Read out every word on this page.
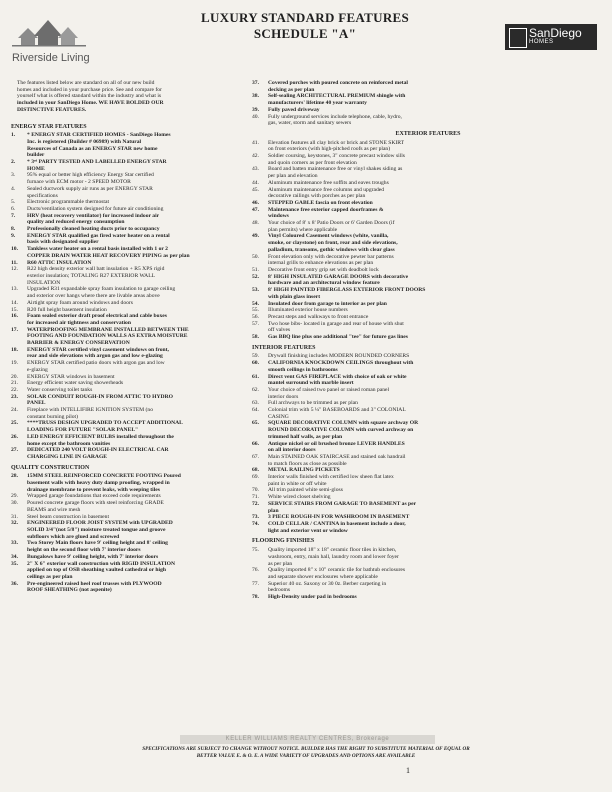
Riverside Living
LUXURY STANDARD FEATURES
SCHEDULE "A"	SanDiego
HOMES
The features listed below are standard on all of our new build
homes and included in your purchase price. See and compare for
yourself what is offered standard within the industry and what is
included in your SanDiego Home. WE HAVE BOLDED OUR
DISTINCTIVE FEATURES.
ENERGY STAR FEATURES
1. * ENERGY STAR CERTIFIED HOMES - SanDiego Homes
Inc. is registered (Builder # 06989) with Natural
Resources of Canada as an ENERGY STAR new home
builder
2. * 3ʳᵈ PARTY TESTED AND LABELLED ENERGY STAR
HOME
3. 95% equal or better high efficiency Energy Star certified
furnace with ECM motor - 2 SPEED MOTOR
4. Sealed ductwork supply air runs as per ENERGY STAR
specifications
5. Electronic programmable thermostat
6. Ducts/ventilation system designed for future air conditioning
7. HRV (heat recovery ventilator) for increased indoor air
quality and reduced energy consumption
8. Professionally cleaned heating ducts prior to occupancy
9. ENERGY STAR qualified gas fired water heater on a rental
basis with designated supplier
10. Tankless water heater on a rental basis installed with 1 or 2
COPPER DRAIN WATER HEAT RECOVERY PIPING as per plan
11. R60 ATTIC INSULATION
12. R22 high density exterior wall batt insulation + R5 XPS rigid
exterior insulation; TOTALING R27 EXTERIOR WALL
INSULATION
13. Upgraded R31 expandable spray foam insulation to garage ceiling
and exterior over hangs where there are livable areas above
14. Airtight spray foam around windows and doors
15. R20 full height basement insulation
16. Foam sealed exterior draft proof electrical and cable boxes
for increased air tightness and conservation
17. WATERPROOFING MEMBRANE INSTALLED BETWEEN THE
FOOTING AND FOUNDATION WALLS AS EXTRA MOISTURE
BARRIER & ENERGY CONSERVATION
18. ENERGY STAR certified vinyl casement windows on front,
rear and side elevations with argon gas and low e-glazing
19. ENERGY STAR certified patio doors with argon gas and low
e-glazing
20. ENERGY STAR windows in basement
21. Energy efficient water saving showerheads
22. Water conserving toilet tanks
23. SOLAR CONDUIT ROUGH-IN FROM ATTIC TO HYDRO
PANEL
24. Fireplace with INTELLIFIRE IGNITION SYSTEM (no
constant burning pilot)
25. ****TRUSS DESIGN UPGRADED TO ACCEPT ADDITIONAL
LOADING FOR FUTURE "SOLAR PANEL"
26. LED ENERGY EFFICIENT BULBS installed throughout the
home except the bathroom vanities
27. DEDICATED 240 VOLT ROUGH-IN ELECTRICAL CAR
CHARGING LINE IN GARAGE
QUALITY CONSTRUCTION
28. 15MM STEEL REINFORCED CONCRETE FOOTING Poured
basement walls with heavy duty damp proofing, wrapped in
drainage membrane to prevent leaks, with weeping tiles
29. Wrapped garage foundations that exceed code requirements
30. Poured concrete garage floors with steel reinforcing GRADE
BEAMS and wire mesh
31. Steel beam construction in basement
32. ENGINEERED FLOOR JOIST SYSTEM with UPGRADED
SOLID 3/4"(not 5/8") moisture treated tongue and groove
subfloors which are glued and screwed
33. Two Storey Main floors have 9' ceiling height and 8' ceiling
height on the second floor with 7' interior doors
34. Bungalows have 9' ceiling height, with 7' interior doors
35. 2" X 6" exterior wall construction with RIGID INSULATION
applied on top of OSB sheathing vaulted cathedral or high
ceilings as per plan
36. Pre-engineered raised heel roof trusses with PLYWOOD
ROOF SHEATHING (not aspenite)
37. Covered porches with poured concrete on reinforced metal
decking as per plan
38. Self-sealing ARCHITECTURAL PREMIUM shingle with
manufacturers' lifetime 40 year warranty
39. Fully paved driveway
40. Fully underground services include telephone, cable, hydro,
gas, water, storm and sanitary sewers
EXTERIOR FEATURES
41. Elevation features all clay brick or brick and STONE SKIRT
on front exteriors (with high-pitched roofs as per plan)
42. Soldier coursing, keystones, 3" concrete precast window sills
and quoin corners as per front elevation
43. Board and batten maintenance free or vinyl shakes siding as
per plan and elevation
44. Aluminum maintenance free soffits and eaves troughs
45. Aluminum maintenance free columns and upgraded
decorative railings with porches as per plan
46. STEPPED GABLE fascia on front elevation
47. Maintenance free exterior capped doorframes &
windows
48. Your choice of 8' x 8' Patio Doors or 6' Garden Doors (if
plan permits) where applicable
49. Vinyl Coloured Casement windows (white, vanilla,
smoke, or claystone) on front, rear and side elevations,
palladium, transoms, gothic windows with clear glass
50. Front elevation only with decorative pewter bar patterns
internal grills to enhance elevations as per plan
51. Decorative front entry grip set with deadbolt lock
52. 8' HIGH INSULATED GARAGE DOORS with decorative
hardware and an architectural window feature
53. 8' HIGH PAINTED FIBERGLASS EXTERIOR FRONT DOORS
with plain glass insert
54. Insulated door from garage to interior as per plan
55. Illuminated exterior house numbers
56. Precast steps and walkways to front entrance
57. Two hose bibs- located in garage and rear of house with shut
off valves
58. Gas BBQ line plus one additional "tee" for future gas lines
INTERIOR FEATURES
59. Drywall finishing includes MODERN ROUNDED CORNERS
60. CALIFORNIA KNOCKDOWN CEILINGS throughout with
smooth ceilings in bathrooms
61. Direct vent GAS FIREPLACE with choice of oak or white
mantel surround with marble insert
62. Your choice of raised two panel or raised roman panel
interior doors
63. Full archways to be trimmed as per plan
64. Colonial trim with 5 ¼" BASEBOARDS and 3" COLONIAL
CASING
65. SQUARE DECORATIVE COLUMN with square archway OR
ROUND DECORATIVE COLUMN with curved archway on
trimmed half walls, as per plan
66. Antique nickel or oil brushed bronze LEVER HANDLES
on all interior doors
67. Main STAINED OAK STAIRCASE and stained oak handrail
to match floors as close as possible
68. METAL RAILING PICKETS
69. Interior walls finished with certified low sheen flat latex
paint in white or off white
70. All trim painted white semi-gloss
71. White wired closet shelving
72. SERVICE STAIRS FROM GARAGE TO BASEMENT as per
plan
73. 3 PIECE ROUGH-IN FOR WASHROOM IN BASEMENT
74. COLD CELLAR / CANTINA in basement include a door,
light and exterior vent or window
FLOORING FINISHES
75. Quality imported 18" x 18" ceramic floor tiles in kitchen,
washroom, entry, main hall, laundry room and lower foyer
as per plan
76. Quality imported 8" x 10" ceramic tile for bathtub enclosures
and separate shower enclosures where applicable
77. Superior 40 oz. Saxony or 30 0z. Berber carpeting in
bedrooms
78. High-Density under pad in bedrooms
KELLER WILLIAMS REALTY CENTRES, Brokerage
SPECIFICATIONS ARE SUBJECT TO CHANGE WITHOUT NOTICE. BUILDER HAS THE RIGHT TO SUBSTITUTE MATERIAL OF EQUAL OR
BETTER VALUE E. & O. E. A WIDE VARIETY OF UPGRADES AND OPTIONS ARE AVAILABLE
1
